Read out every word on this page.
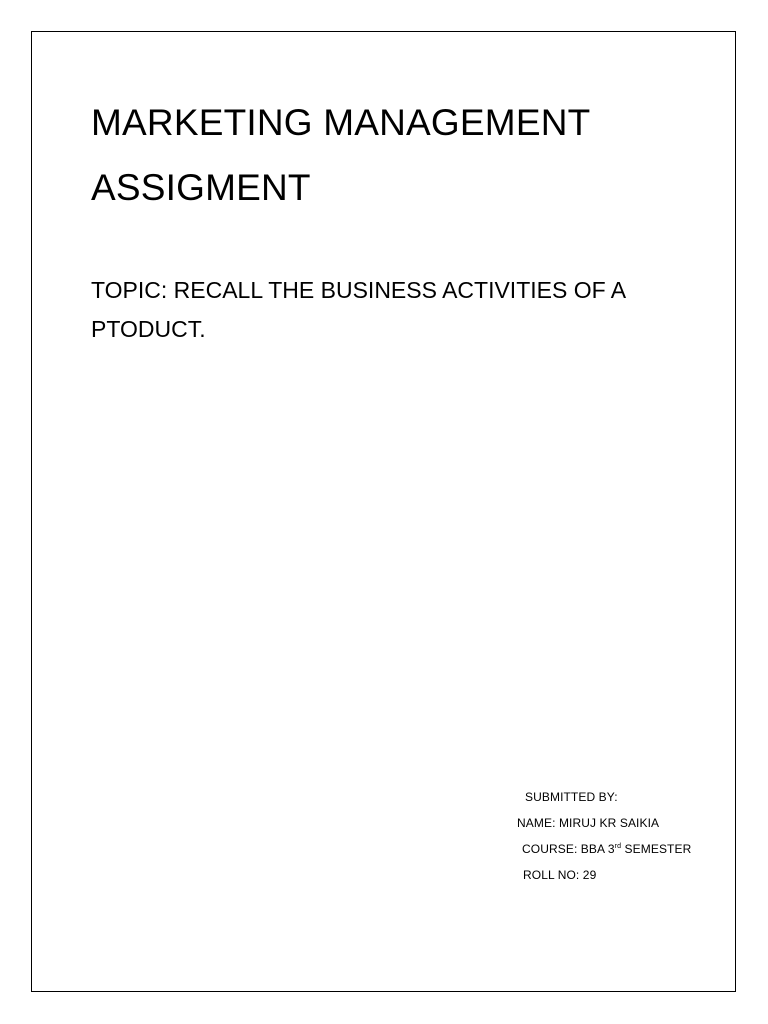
MARKETING MANAGEMENT
ASSIGMENT
TOPIC: RECALL THE BUSINESS ACTIVITIES OF A
PTODUCT.
SUBMITTED BY:
NAME: MIRUJ KR SAIKIA
COURSE: BBA 3rd SEMESTER
ROLL NO: 29
